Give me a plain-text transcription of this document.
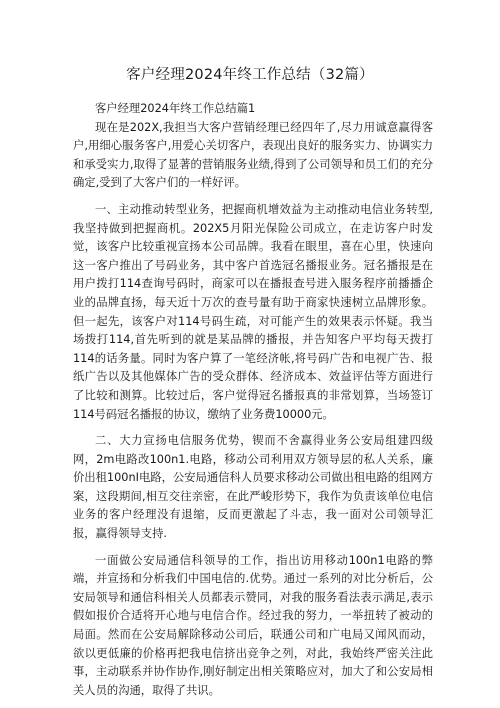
客户经理2024年终工作总结（32篇）

客户经理2024年终工作总结篇1

现在是202X,我担当大客户营销经理已经四年了,尽力用诚意赢得客户,用细心服务客户,用爱心关切客户，表现出良好的服务实力、协调实力和承受实力,取得了显著的营销服务业绩,得到了公司领导和员工们的充分确定,受到了大客户们的一样好评。

一、主动推动转型业务，把握商机增效益为主动推动电信业务转型,我坚持做到把握商机。202X5月阳光保险公司成立，在走访客户时发觉，该客户比较重视宣扬本公司品牌。我看在眼里，喜在心里，快速向这一客户推出了号码业务，其中客户首选冠名播报业务。冠名播报是在用户拨打114查询号码时，商家可以在播报查号进入服务程序前播播企业的品牌直扬，每天近十万次的查号量有助于商家快速树立品牌形象。但一起先，该客户对114号码生疏，对可能产生的效果表示怀疑。我当场拨打114,首先听到的就是某品牌的播报，并告知客户平均每天拨打114的话务量。同时为客户算了一笔经济帐,将号码广告和电视广告、报纸广告以及其他媒体广告的受众群体、经济成本、效益评估等方面进行了比较和测算。比较过后，客户觉得冠名播报真的非常划算，当场签订114号码冠名播报的协议，缴纳了业务费10000元。

二、大力宣扬电信服务优势，锲而不舍赢得业务公安局组建四级网，2m电路改100n1.电路，移动公司利用双方领导层的私人关系，廉价出租100nI电路，公安局通信科人员要求移动公司做出租电路的组网方案，这段期间,相互交往亲密，在此严峻形势下，我作为负责该单位电信业务的客户经理没有退缩，反而更激起了斗志，我一面对公司领导汇报，赢得领导支持.

一面做公安局通信科领导的工作，指出访用移动100n1电路的弊端，并宣扬和分析我们中国电信的.优势。通过一系列的对比分析后，公安局领导和通信科相关人员都表示赞同，对我的服务看法表示满足,表示假如报价合适将开心地与电信合作。经过我的努力，一举扭转了被动的局面。然而在公安局解除移动公司后，联通公司和广电局又闻风而动，欲以更低廉的价格再把我电信挤出竞争之列，对此，我始终严密关注此事，主动联系并协作协作,刚好制定出相关策略应对，加大了和公安局相关人员的沟通，取得了共识。
